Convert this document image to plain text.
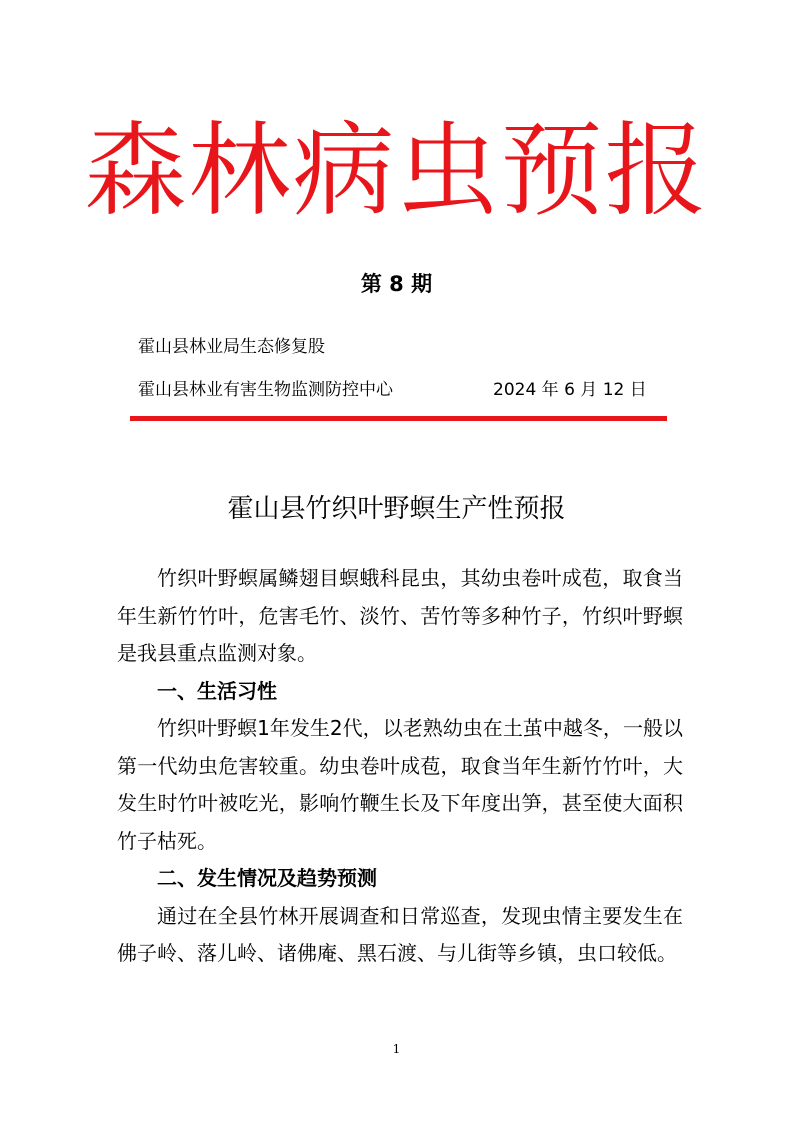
森林病虫预报
第 8 期
霍山县林业局生态修复股
霍山县林业有害生物监测防控中心	2024 年 6 月 12 日
霍山县竹织叶野螟生产性预报

竹织叶野螟属鳞翅目螟蛾科昆虫，其幼虫卷叶成苞，取食当年生新竹竹叶，危害毛竹、淡竹、苦竹等多种竹子，竹织叶野螟是我县重点监测对象。

一、生活习性

竹织叶野螟1年发生2代，以老熟幼虫在土茧中越冬，一般以第一代幼虫危害较重。幼虫卷叶成苞，取食当年生新竹竹叶，大发生时竹叶被吃光，影响竹鞭生长及下年度出笋，甚至使大面积竹子枯死。

二、发生情况及趋势预测

通过在全县竹林开展调查和日常巡查，发现虫情主要发生在佛子岭、落儿岭、诸佛庵、黑石渡、与儿街等乡镇，虫口较低。

1
